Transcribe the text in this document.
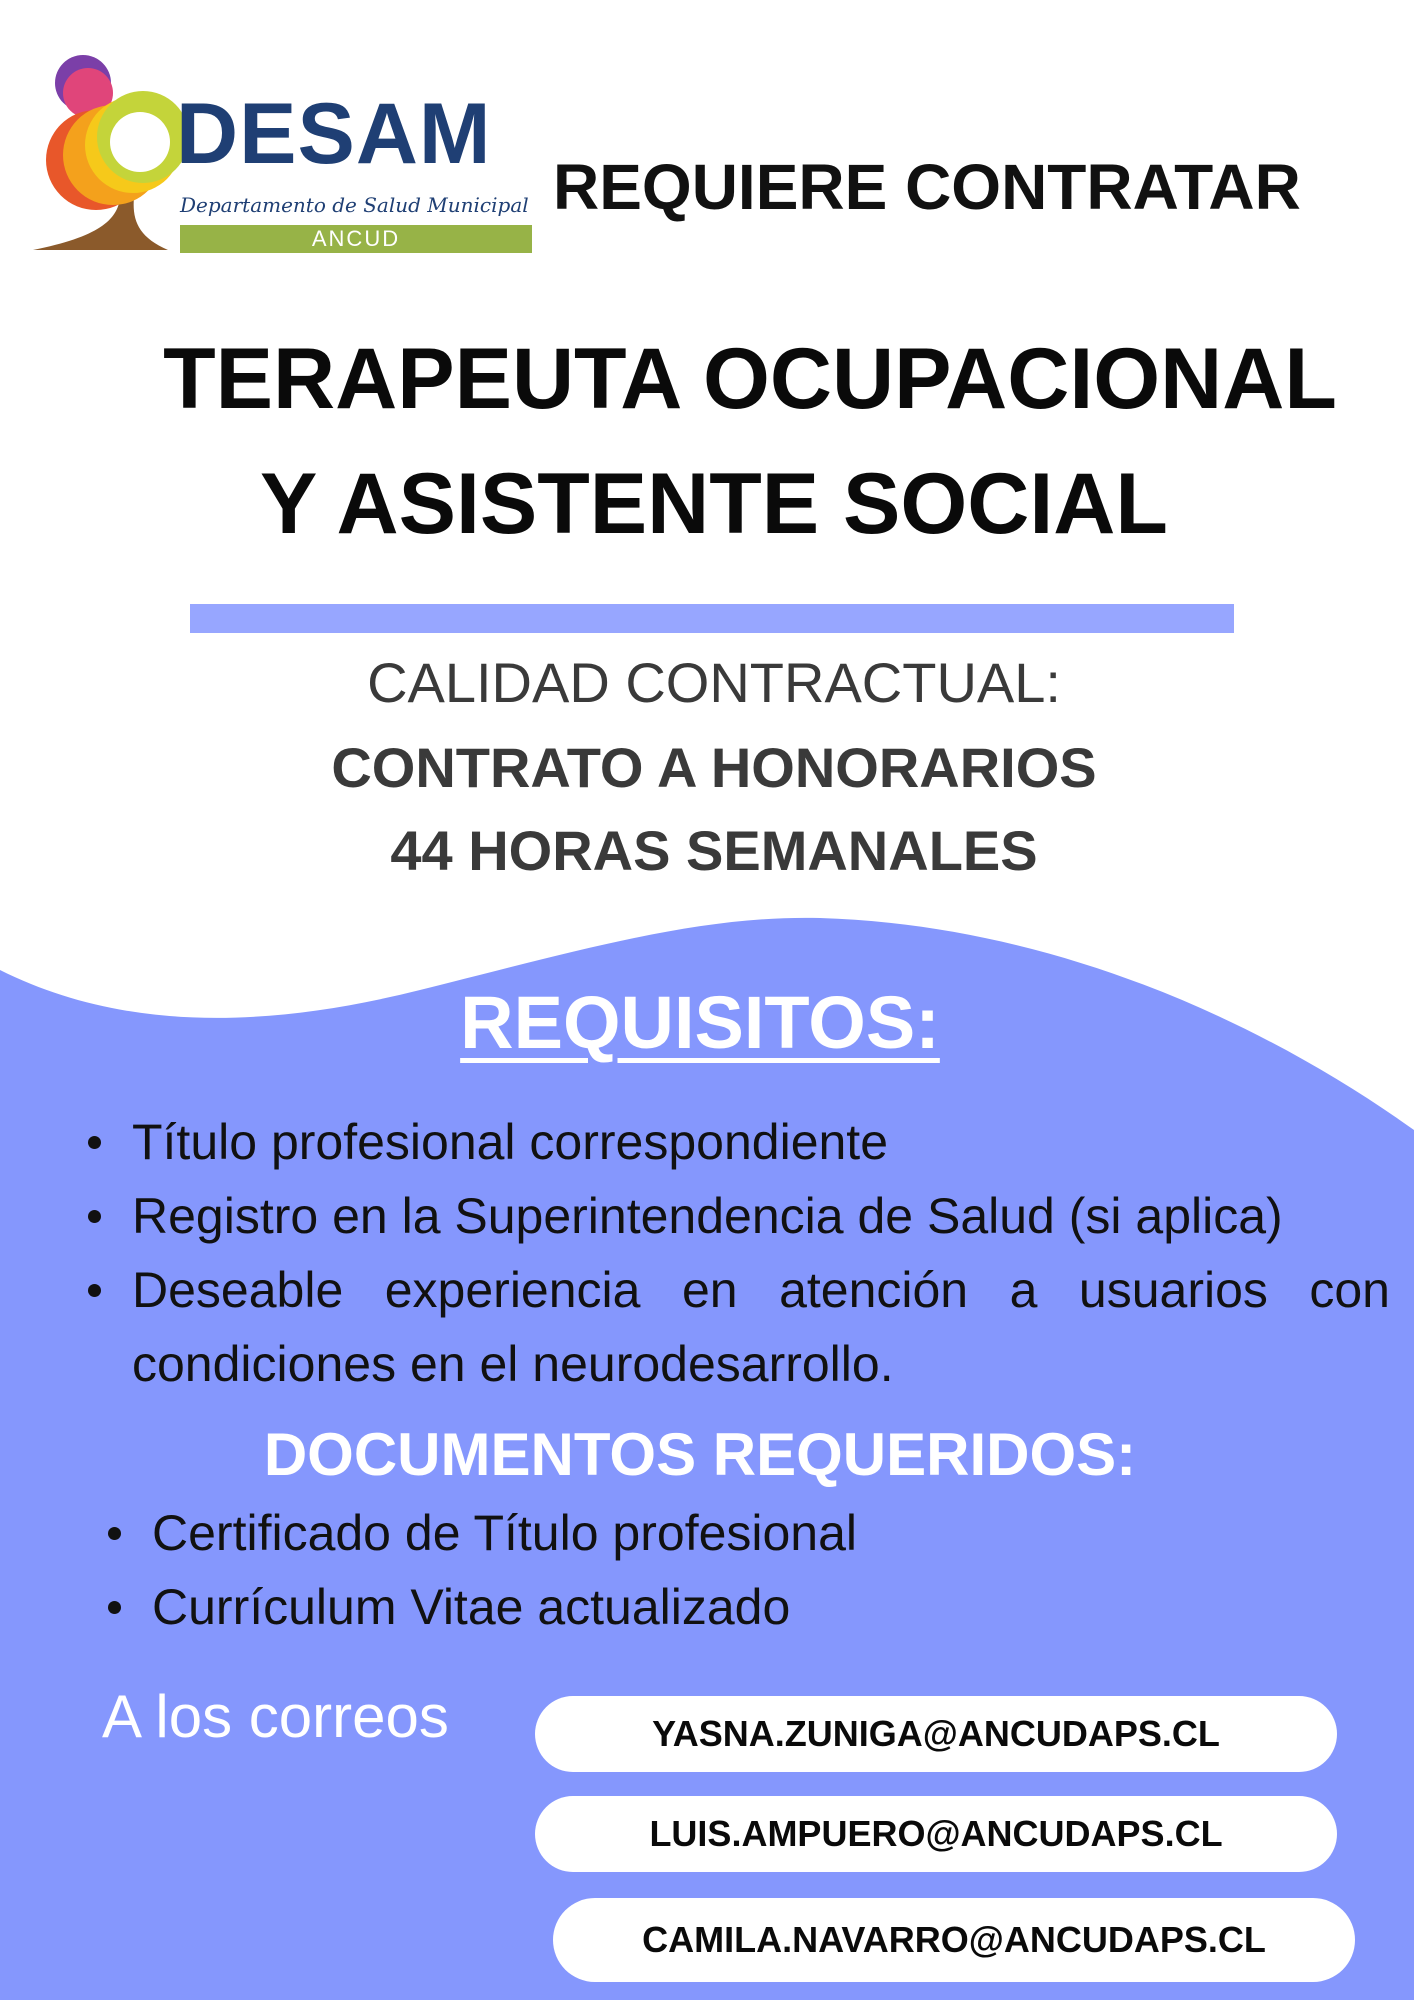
DESAM
Departamento de Salud Municipal
ANCUD
REQUIERE CONTRATAR
TERAPEUTA OCUPACIONAL
Y ASISTENTE SOCIAL
CALIDAD CONTRACTUAL:
CONTRATO A HONORARIOS
44 HORAS SEMANALES
REQUISITOS:
Título profesional correspondiente
Registro en la Superintendencia de Salud (si aplica)
Deseable experiencia en atención a usuarios con condiciones en el neurodesarrollo.
DOCUMENTOS REQUERIDOS:
Certificado de Título profesional
Currículum Vitae actualizado
A los correos	YASNA.ZUNIGA@ANCUDAPS.CL
LUIS.AMPUERO@ANCUDAPS.CL
CAMILA.NAVARRO@ANCUDAPS.CL
